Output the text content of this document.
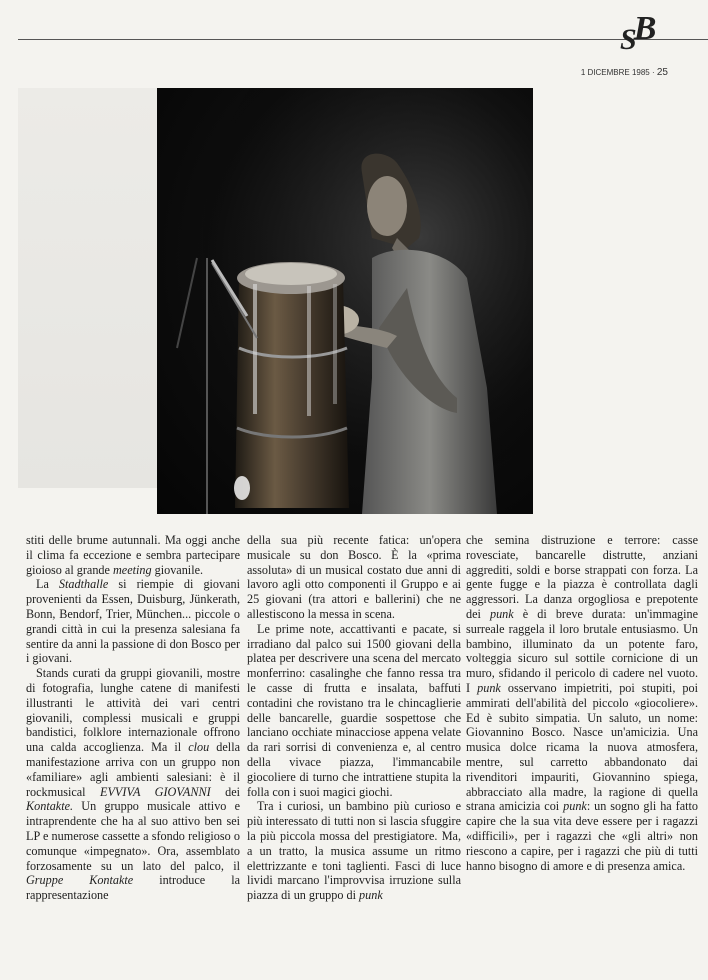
SB
1 DICEMBRE 1985 · 25

stiti delle brume autunnali. Ma oggi anche il clima fa eccezione e sembra partecipare gioioso al grande meeting giovanile.

La Stadthalle si riempie di giovani provenienti da Essen, Duisburg, Jünkerath, Bonn, Bendorf, Trier, München... piccole o grandi città in cui la presenza salesiana fa sentire da anni la passione di don Bosco per i giovani.

Stands curati da gruppi giovanili, mostre di fotografia, lunghe catene di manifesti illustranti le attività dei vari centri giovanili, complessi musicali e gruppi bandistici, folklore internazionale offrono una calda accoglienza. Ma il clou della manifestazione arriva con un gruppo non «familiare» agli ambienti salesiani: è il rockmusical EVVIVA GIOVANNI dei Kontakte. Un gruppo musicale attivo e intraprendente che ha al suo attivo ben sei LP e numerose cassette a sfondo religioso o comunque «impegnato». Ora, assemblato forzosamente su un lato del palco, il Gruppe Kontakte introduce la rappresentazione

della sua più recente fatica: un'opera musicale su don Bosco. È la «prima assoluta» di un musical costato due anni di lavoro agli otto componenti il Gruppo e ai 25 giovani (tra attori e ballerini) che ne allestiscono la messa in scena.

Le prime note, accattivanti e pacate, si irradiano dal palco sui 1500 giovani della platea per descrivere una scena del mercato monferrino: casalinghe che fanno ressa tra le casse di frutta e insalata, baffuti contadini che rovistano tra le chincaglierie delle bancarelle, guardie sospettose che lanciano occhiate minacciose appena velate da rari sorrisi di convenienza e, al centro della vivace piazza, l'immancabile giocoliere di turno che intrattiene stupita la folla con i suoi magici giochi.

Tra i curiosi, un bambino più curioso e più interessato di tutti non si lascia sfuggire la più piccola mossa del prestigiatore. Ma, a un tratto, la musica assume un ritmo elettrizzante e toni taglienti. Fasci di luce lividi marcano l'improvvisa irruzione sulla piazza di un gruppo di punk

che semina distruzione e terrore: casse rovesciate, bancarelle distrutte, anziani aggrediti, soldi e borse strappati con forza. La gente fugge e la piazza è controllata dagli aggressori. La danza orgogliosa e prepotente dei punk è di breve durata: un'immagine surreale raggela il loro brutale entusiasmo. Un bambino, illuminato da un potente faro, volteggia sicuro sul sottile cornicione di un muro, sfidando il pericolo di cadere nel vuoto. I punk osservano impietriti, poi stupiti, poi ammirati dell'abilità del piccolo «giocoliere». Ed è subito simpatia. Un saluto, un nome: Giovannino Bosco. Nasce un'amicizia. Una musica dolce ricama la nuova atmosfera, mentre, sul carretto abbandonato dai rivenditori impauriti, Giovannino spiega, abbracciato alla madre, la ragione di quella strana amicizia coi punk: un sogno gli ha fatto capire che la sua vita deve essere per i ragazzi «difficili», per i ragazzi che «gli altri» non riescono a capire, per i ragazzi che più di tutti hanno bisogno di amore e di presenza amica.
